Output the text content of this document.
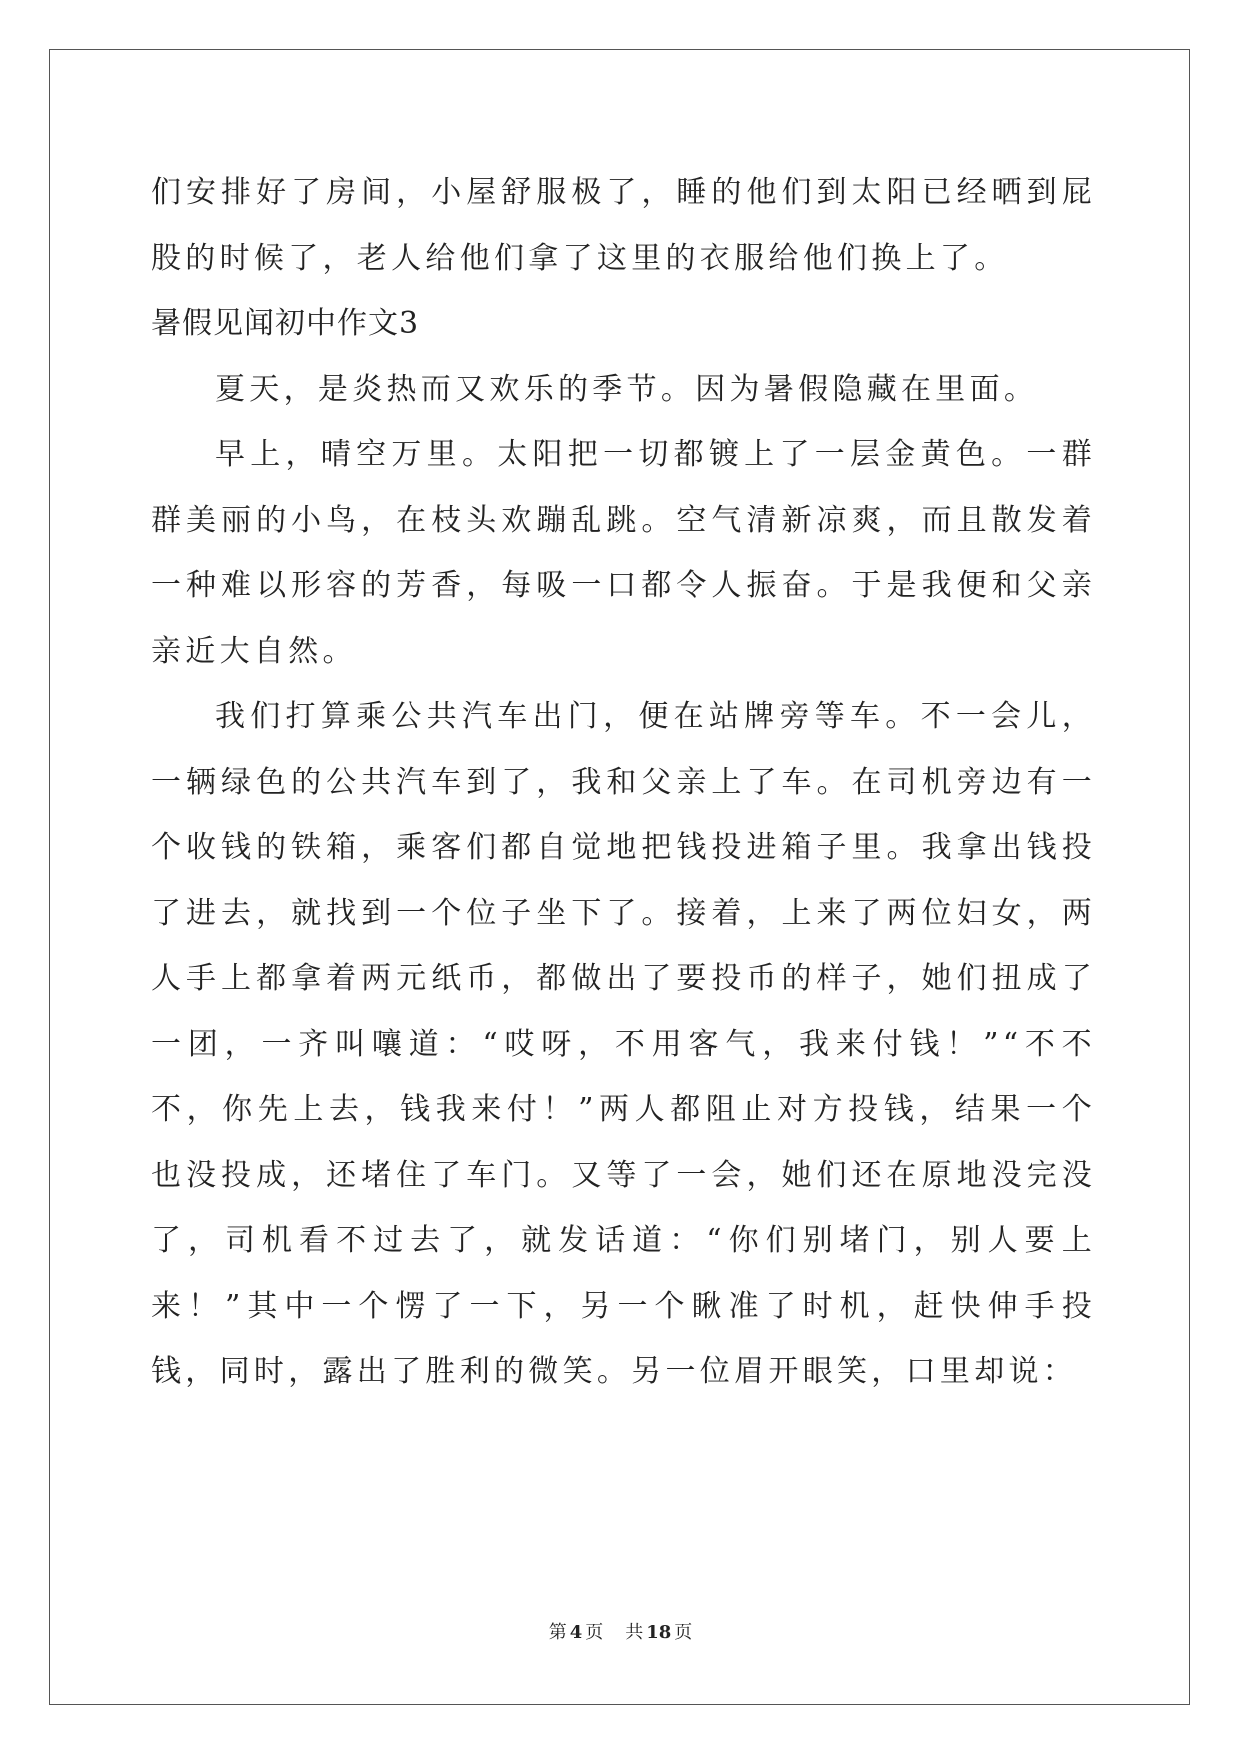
们安排好了房间，小屋舒服极了，睡的他们到太阳已经晒到屁股的时候了，老人给他们拿了这里的衣服给他们换上了。

暑假见闻初中作文3

夏天，是炎热而又欢乐的季节。因为暑假隐藏在里面。

早上，晴空万里。太阳把一切都镀上了一层金黄色。一群群美丽的小鸟，在枝头欢蹦乱跳。空气清新凉爽，而且散发着一种难以形容的芳香，每吸一口都令人振奋。于是我便和父亲亲近大自然。

我们打算乘公共汽车出门，便在站牌旁等车。不一会儿，一辆绿色的公共汽车到了，我和父亲上了车。在司机旁边有一个收钱的铁箱，乘客们都自觉地把钱投进箱子里。我拿出钱投了进去，就找到一个位子坐下了。接着，上来了两位妇女，两人手上都拿着两元纸币，都做出了要投币的样子，她们扭成了一团，一齐叫嚷道：“哎呀，不用客气，我来付钱！”“不不不，你先上去，钱我来付！”两人都阻止对方投钱，结果一个也没投成，还堵住了车门。又等了一会，她们还在原地没完没了，司机看不过去了，就发话道：“你们别堵门，别人要上来！”其中一个愣了一下，另一个瞅准了时机，赶快伸手投钱，同时，露出了胜利的微笑。另一位眉开眼笑，口里却说：

第 4 页 共 18 页
